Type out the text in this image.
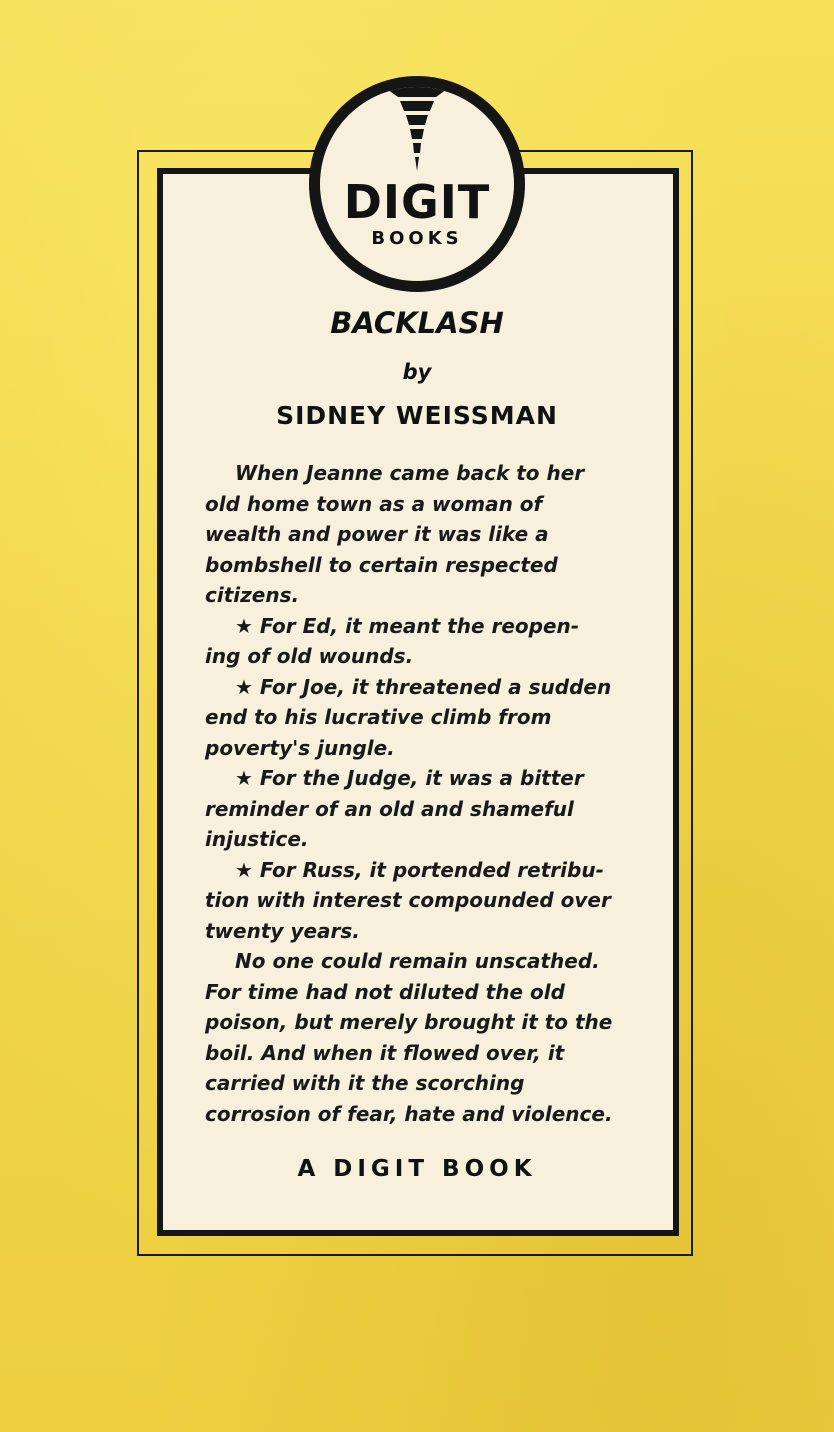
DIGIT
BOOKS
BACKLASH

by

SIDNEY WEISSMAN

When Jeanne came back to her
old home town as a woman of
wealth and power it was like a
bombshell to certain respected
citizens.
★ For Ed, it meant the reopen-
ing of old wounds.
★ For Joe, it threatened a sudden
end to his lucrative climb from
poverty's jungle.
★ For the Judge, it was a bitter
reminder of an old and shameful
injustice.
★ For Russ, it portended retribu-
tion with interest compounded over
twenty years.
No one could remain unscathed.
For time had not diluted the old
poison, but merely brought it to the
boil. And when it flowed over, it
carried with it the scorching
corrosion of fear, hate and violence.

A DIGIT BOOK
